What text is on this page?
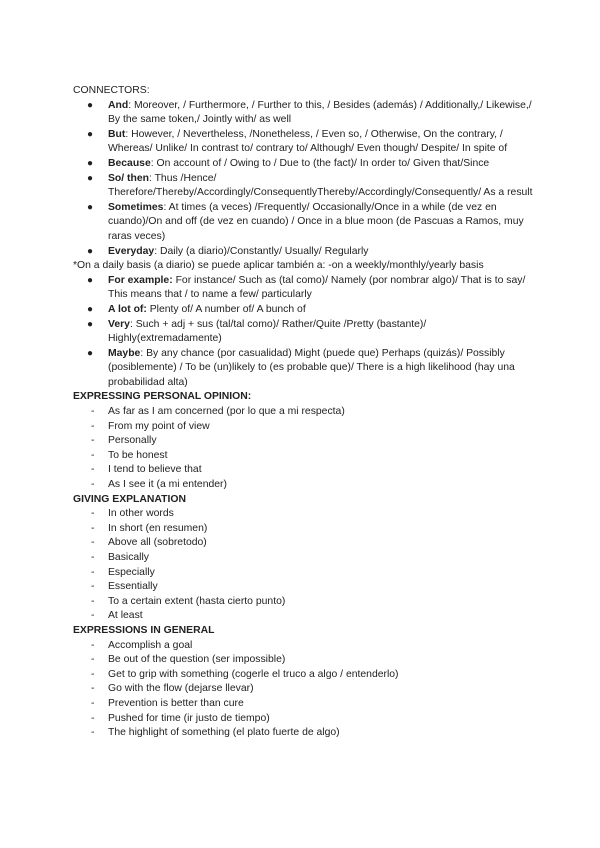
CONNECTORS:

● And: Moreover, / Furthermore, / Further to this, / Besides (además) / Additionally,/ Likewise,/ By the same token,/ Jointly with/ as well
● But: However, / Nevertheless, /Nonetheless, / Even so, / Otherwise, On the contrary, / Whereas/ Unlike/ In contrast to/ contrary to/ Although/ Even though/ Despite/ In spite of
● Because: On account of / Owing to / Due to (the fact)/ In order to/ Given that/Since
● So/ then: Thus /Hence/ Therefore/Thereby/Accordingly/ConsequentlyThereby/Accordingly/Consequently/ As a result
● Sometimes: At times (a veces) /Frequently/ Occasionally/Once in a while (de vez en cuando)/On and off (de vez en cuando) / Once in a blue moon (de Pascuas a Ramos, muy raras veces)
● Everyday: Daily (a diario)/Constantly/ Usually/ Regularly

*On a daily basis (a diario) se puede aplicar también a: -on a weekly/monthly/yearly basis

● For example: For instance/ Such as (tal como)/ Namely (por nombrar algo)/ That is to say/ This means that / to name a few/ particularly
● A lot of: Plenty of/ A number of/ A bunch of
● Very: Such + adj + sus (tal/tal como)/ Rather/Quite /Pretty (bastante)/ Highly(extremadamente)
● Maybe: By any chance (por casualidad) Might (puede que) Perhaps (quizás)/ Possibly (posiblemente) / To be (un)likely to (es probable que)/ There is a high likelihood (hay una probabilidad alta)

EXPRESSING PERSONAL OPINION:

- As far as I am concerned (por lo que a mi respecta)
- From my point of view
- Personally
- To be honest
- I tend to believe that
- As I see it (a mi entender)

GIVING EXPLANATION

- In other words
- In short (en resumen)
- Above all (sobretodo)
- Basically
- Especially
- Essentially
- To a certain extent (hasta cierto punto)
- At least

EXPRESSIONS IN GENERAL

- Accomplish a goal
- Be out of the question (ser impossible)
- Get to grip with something (cogerle el truco a algo / entenderlo)
- Go with the flow (dejarse llevar)
- Prevention is better than cure
- Pushed for time (ir justo de tiempo)
- The highlight of something (el plato fuerte de algo)
